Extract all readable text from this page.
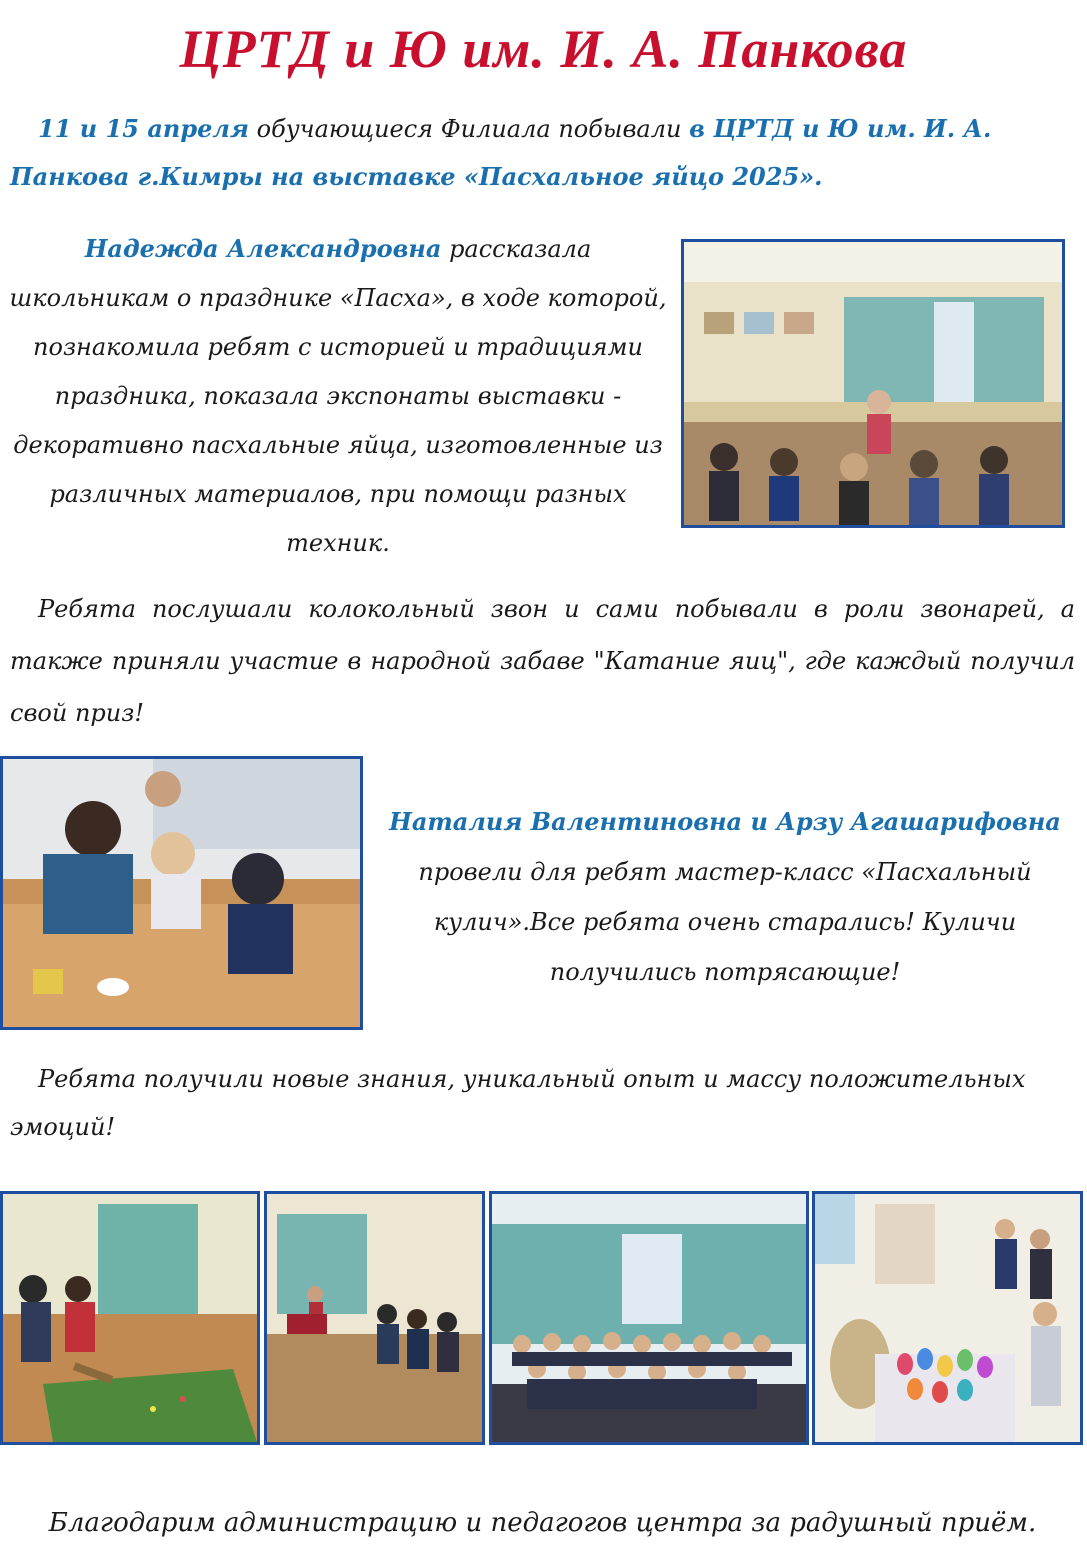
ЦРТД и Ю им. И. А. Панкова

11 и 15 апреля обучающиеся Филиала побывали в ЦРТД и Ю им. И. А. Панкова г.Кимры на выставке «Пасхальное яйцо 2025».

Надежда Александровна рассказала школьникам о празднике «Пасха», в ходе которой, познакомила ребят с историей и традициями праздника, показала экспонаты выставки - декоративно пасхальные яйца, изготовленные из различных материалов, при помощи разных техник.

Ребята послушали колокольный звон и сами побывали в роли звонарей, а также приняли участие в народной забаве "Катание яиц", где каждый получил свой приз!

Наталия Валентиновна и Арзу Агашарифовна провели для ребят мастер-класс «Пасхальный кулич».Все ребята очень старались! Куличи получились потрясающие!

Ребята получили новые знания, уникальный опыт и массу положительных эмоций!

Благодарим администрацию и педагогов центра за радушный приём.
